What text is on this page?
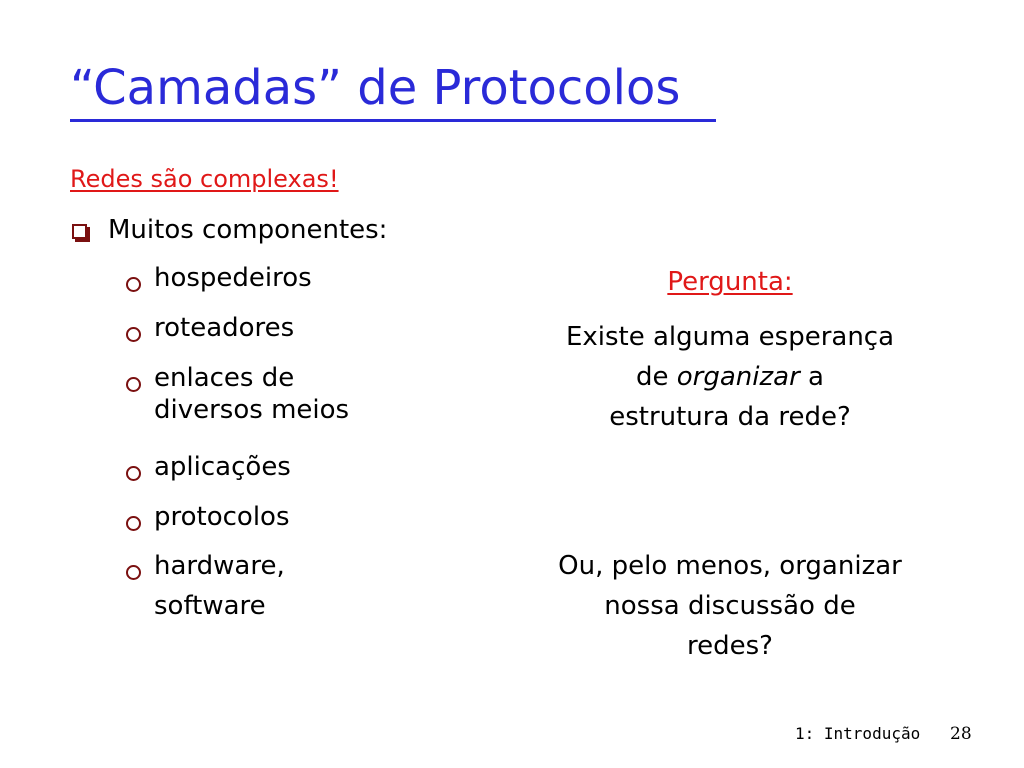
“Camadas” de Protocolos
Redes são complexas!
Muitos componentes:
hospedeiros
roteadores
enlaces de
diversos meios
aplicações
protocolos
hardware,
software
Pergunta:
Existe alguma esperança
de organizar a
estrutura da rede?
Ou, pelo menos, organizar
nossa discussão de
redes?
1: Introdução 28
